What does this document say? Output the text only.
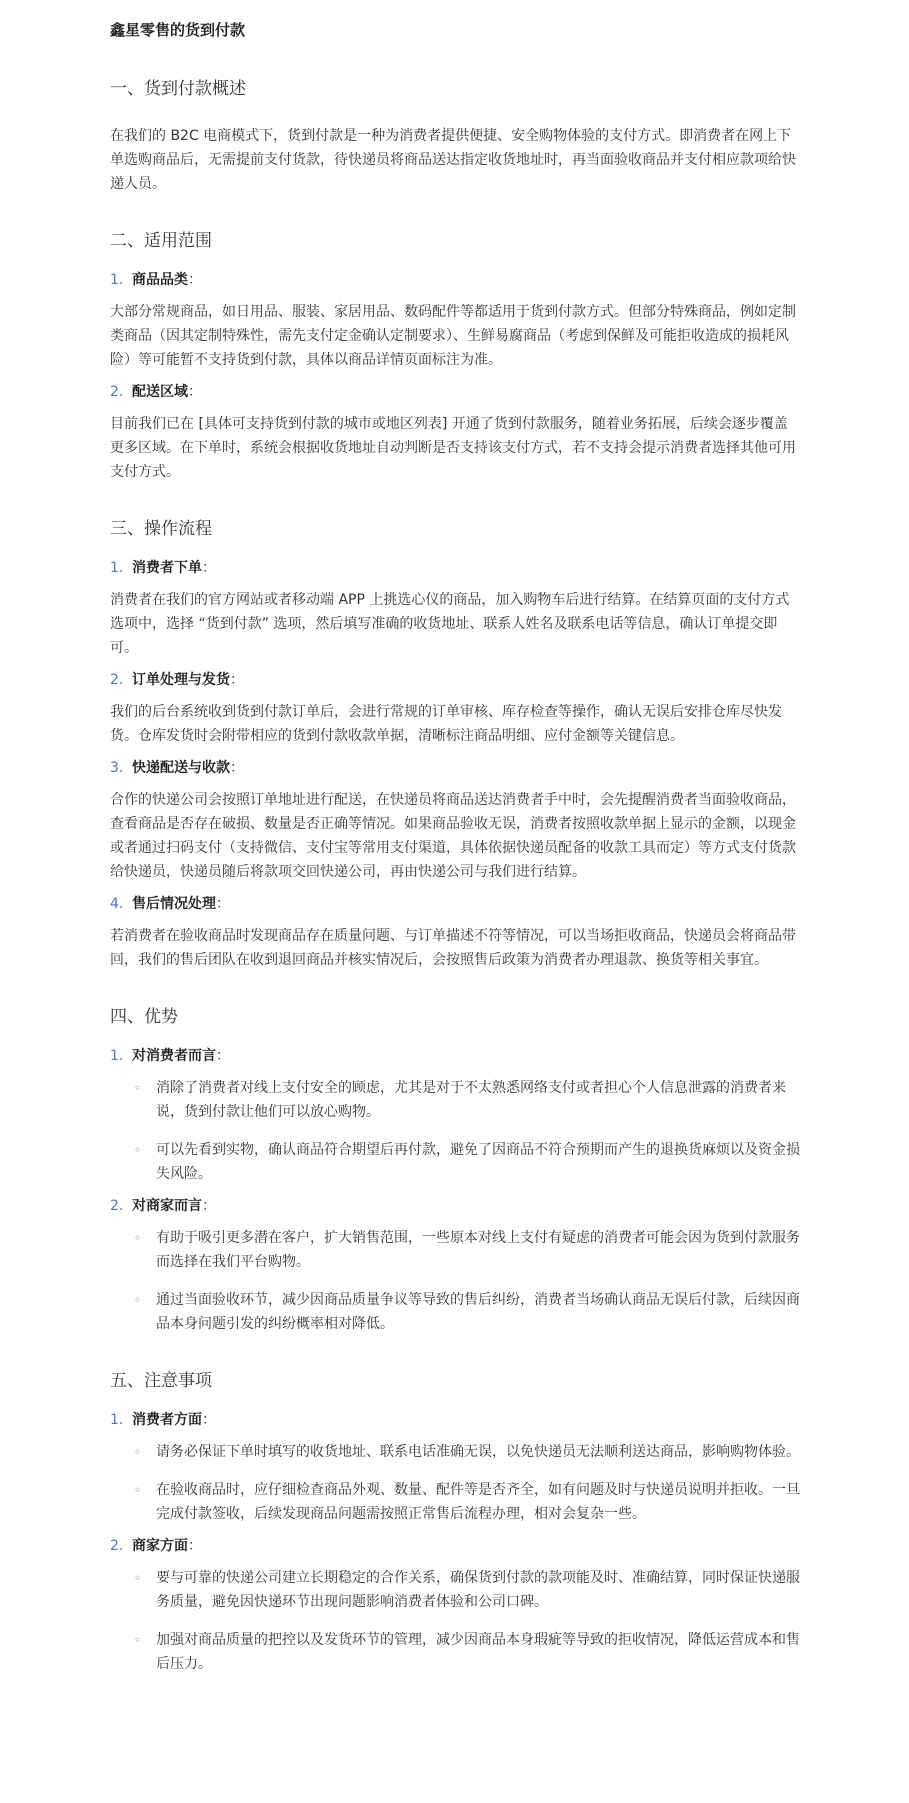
鑫星零售的货到付款
一、货到付款概述
在我们的 B2C 电商模式下，货到付款是一种为消费者提供便捷、安全购物体验的支付方式。即消费者在网上下单选购商品后，无需提前支付货款，待快递员将商品送达指定收货地址时，再当面验收商品并支付相应款项给快递人员。
二、适用范围
1. 商品品类：
大部分常规商品，如日用品、服装、家居用品、数码配件等都适用于货到付款方式。但部分特殊商品，例如定制类商品（因其定制特殊性，需先支付定金确认定制要求）、生鲜易腐商品（考虑到保鲜及可能拒收造成的损耗风险）等可能暂不支持货到付款，具体以商品详情页面标注为准。
2. 配送区域：
目前我们已在 [具体可支持货到付款的城市或地区列表] 开通了货到付款服务，随着业务拓展，后续会逐步覆盖更多区域。在下单时，系统会根据收货地址自动判断是否支持该支付方式，若不支持会提示消费者选择其他可用支付方式。
三、操作流程
1. 消费者下单：
消费者在我们的官方网站或者移动端 APP 上挑选心仪的商品，加入购物车后进行结算。在结算页面的支付方式选项中，选择 “货到付款” 选项，然后填写准确的收货地址、联系人姓名及联系电话等信息，确认订单提交即可。
2. 订单处理与发货：
我们的后台系统收到货到付款订单后，会进行常规的订单审核、库存检查等操作，确认无误后安排仓库尽快发货。仓库发货时会附带相应的货到付款收款单据，清晰标注商品明细、应付金额等关键信息。
3. 快递配送与收款：
合作的快递公司会按照订单地址进行配送，在快递员将商品送达消费者手中时，会先提醒消费者当面验收商品，查看商品是否存在破损、数量是否正确等情况。如果商品验收无误，消费者按照收款单据上显示的金额，以现金或者通过扫码支付（支持微信、支付宝等常用支付渠道，具体依据快递员配备的收款工具而定）等方式支付货款给快递员，快递员随后将款项交回快递公司，再由快递公司与我们进行结算。
4. 售后情况处理：
若消费者在验收商品时发现商品存在质量问题、与订单描述不符等情况，可以当场拒收商品，快递员会将商品带回，我们的售后团队在收到退回商品并核实情况后，会按照售后政策为消费者办理退款、换货等相关事宜。
四、优势
1. 对消费者而言：
◦	消除了消费者对线上支付安全的顾虑，尤其是对于不太熟悉网络支付或者担心个人信息泄露的消费者来说，货到付款让他们可以放心购物。
◦	可以先看到实物，确认商品符合期望后再付款，避免了因商品不符合预期而产生的退换货麻烦以及资金损失风险。
2. 对商家而言：
◦	有助于吸引更多潜在客户，扩大销售范围，一些原本对线上支付有疑虑的消费者可能会因为货到付款服务而选择在我们平台购物。
◦	通过当面验收环节，减少因商品质量争议等导致的售后纠纷，消费者当场确认商品无误后付款，后续因商品本身问题引发的纠纷概率相对降低。
五、注意事项
1. 消费者方面：
◦	请务必保证下单时填写的收货地址、联系电话准确无误，以免快递员无法顺利送达商品，影响购物体验。
◦	在验收商品时，应仔细检查商品外观、数量、配件等是否齐全，如有问题及时与快递员说明并拒收。一旦完成付款签收，后续发现商品问题需按照正常售后流程办理，相对会复杂一些。
2. 商家方面：
◦	要与可靠的快递公司建立长期稳定的合作关系，确保货到付款的款项能及时、准确结算，同时保证快递服务质量，避免因快递环节出现问题影响消费者体验和公司口碑。
◦	加强对商品质量的把控以及发货环节的管理，减少因商品本身瑕疵等导致的拒收情况，降低运营成本和售后压力。
